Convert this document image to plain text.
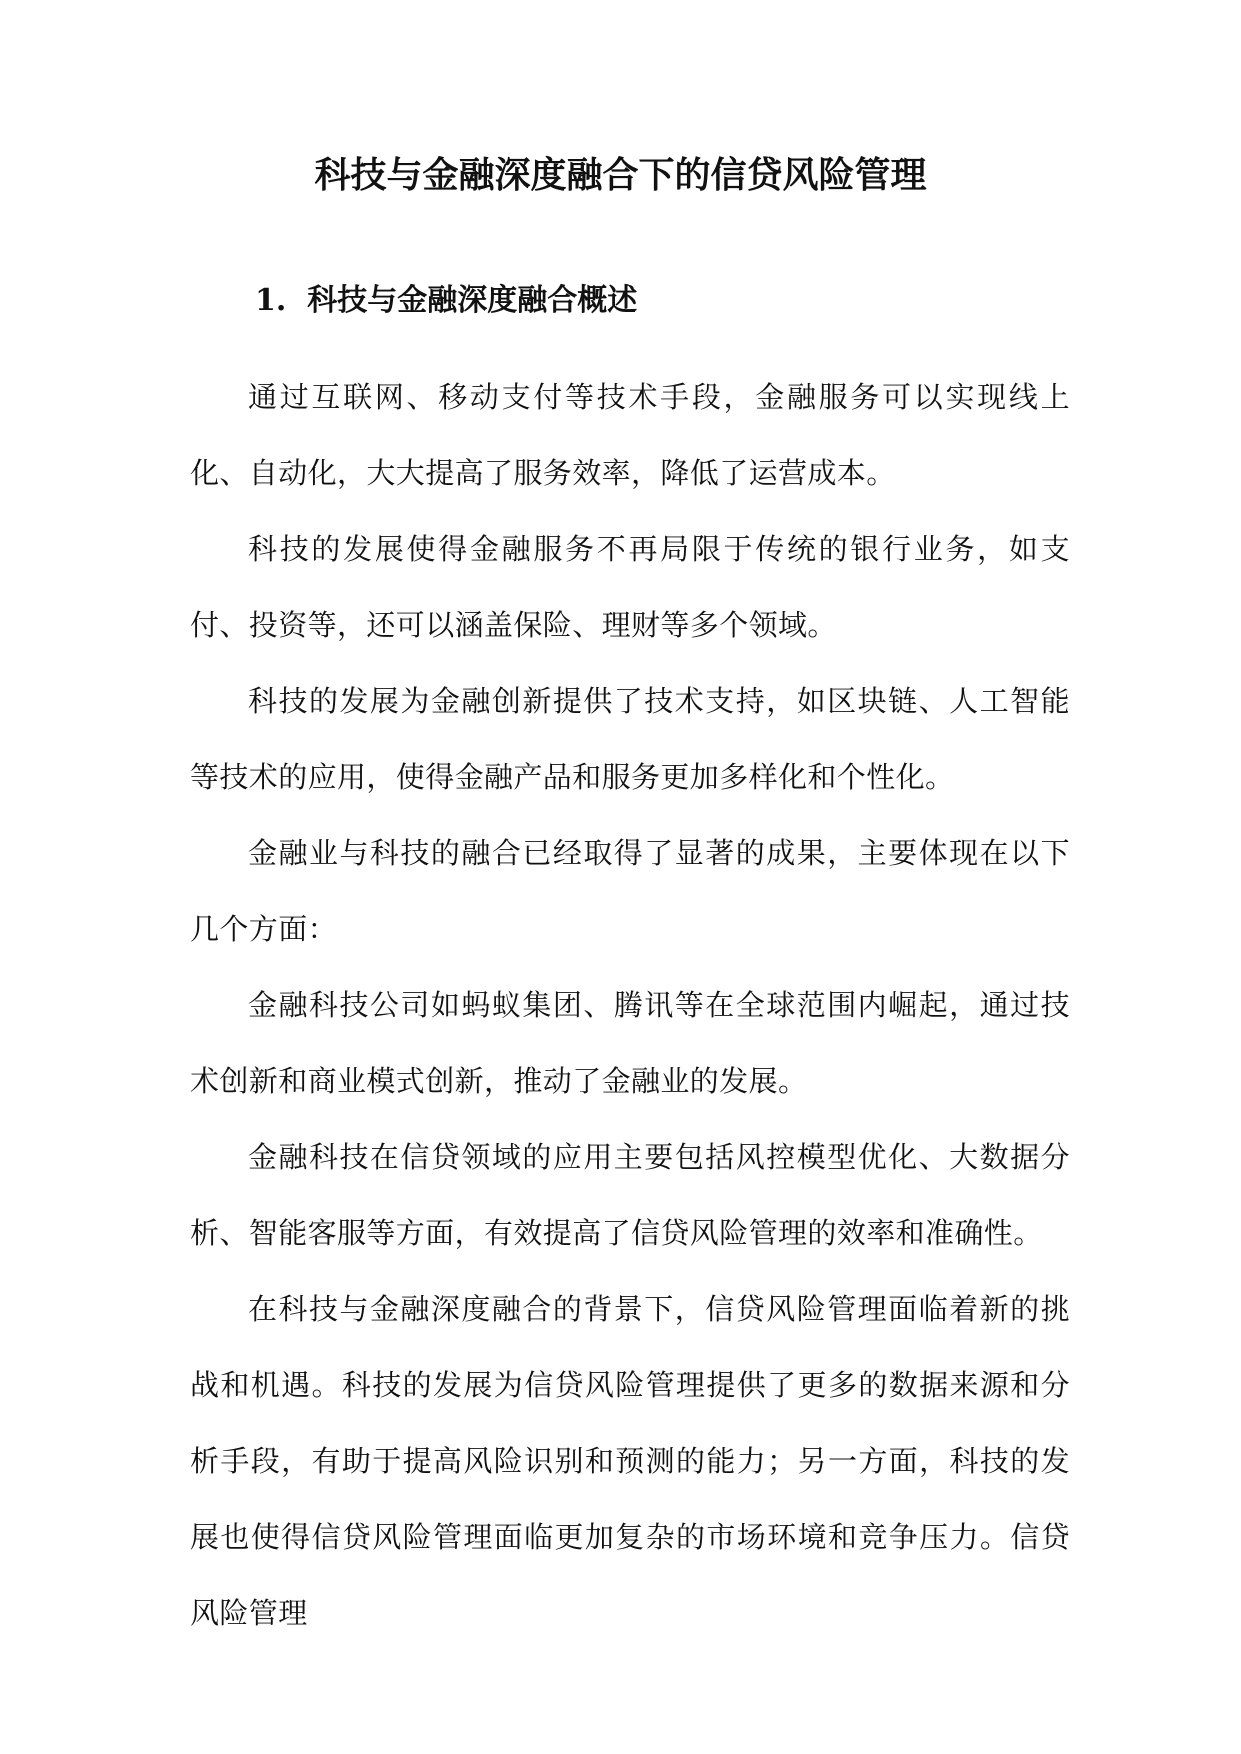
科技与金融深度融合下的信贷风险管理
1. 科技与金融深度融合概述

通过互联网、移动支付等技术手段，金融服务可以实现线上化、自动化，大大提高了服务效率，降低了运营成本。

科技的发展使得金融服务不再局限于传统的银行业务，如支付、投资等，还可以涵盖保险、理财等多个领域。

科技的发展为金融创新提供了技术支持，如区块链、人工智能等技术的应用，使得金融产品和服务更加多样化和个性化。

金融业与科技的融合已经取得了显著的成果，主要体现在以下几个方面：

金融科技公司如蚂蚁集团、腾讯等在全球范围内崛起，通过技术创新和商业模式创新，推动了金融业的发展。

金融科技在信贷领域的应用主要包括风控模型优化、大数据分析、智能客服等方面，有效提高了信贷风险管理的效率和准确性。

在科技与金融深度融合的背景下，信贷风险管理面临着新的挑战和机遇。科技的发展为信贷风险管理提供了更多的数据来源和分析手段，有助于提高风险识别和预测的能力；另一方面，科技的发展也使得信贷风险管理面临更加复杂的市场环境和竞争压力。信贷风险管理
